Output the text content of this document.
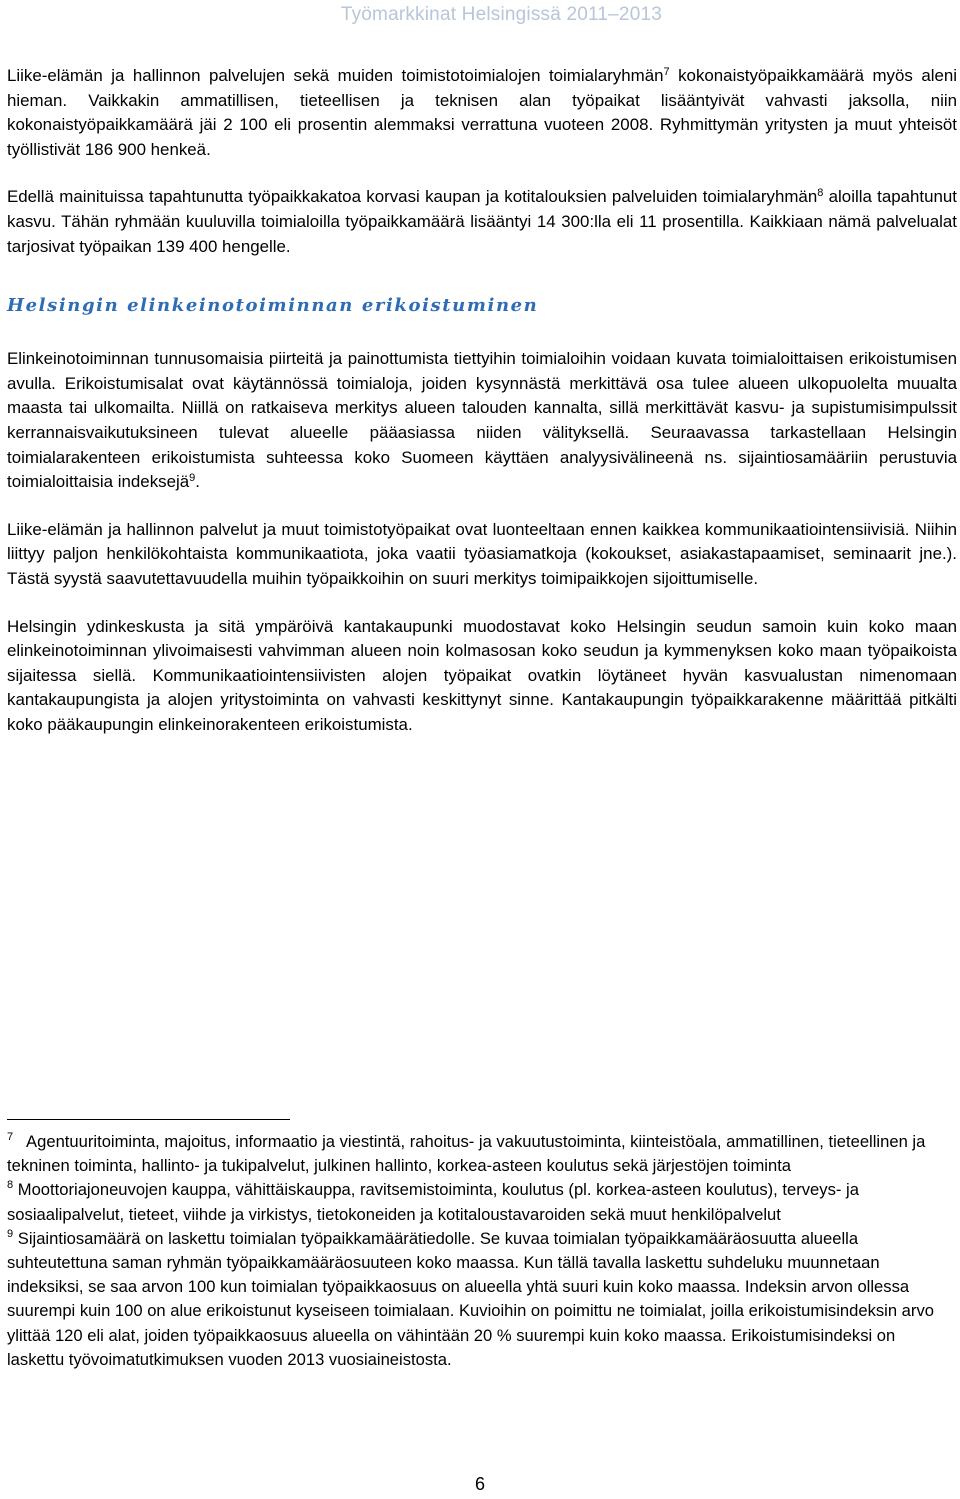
Työmarkkinat Helsingissä 2011–2013

Liike-elämän ja hallinnon palvelujen sekä muiden toimistotoimialojen toimialaryhmän$^7$ kokonaistyöpaikkamäärä myös aleni hieman. Vaikkakin ammatillisen, tieteellisen ja teknisen alan työpaikat lisääntyivät vahvasti jaksolla, niin kokonaistyöpaikkamäärä jäi 2 100 eli prosentin alemmaksi verrattuna vuoteen 2008. Ryhmittymän yritysten ja muut yhteisöt työllistivät 186 900 henkeä.

Edellä mainituissa tapahtunutta työpaikkakatoa korvasi kaupan ja kotitalouksien palveluiden toimialaryhmän$^8$ aloilla tapahtunut kasvu. Tähän ryhmään kuuluvilla toimialoilla työpaikkamäärä lisääntyi 14 300:lla eli 11 prosentilla. Kaikkiaan nämä palvelualat tarjosivat työpaikan 139 400 hengelle.

Helsingin elinkeinotoiminnan erikoistuminen

Elinkeinotoiminnan tunnusomaisia piirteitä ja painottumista tiettyihin toimialoihin voidaan kuvata toimialoittaisen erikoistumisen avulla. Erikoistumisalat ovat käytännössä toimialoja, joiden kysynnästä merkittävä osa tulee alueen ulkopuolelta muualta maasta tai ulkomailta. Niillä on ratkaiseva merkitys alueen talouden kannalta, sillä merkittävät kasvu- ja supistumisimpulssit kerrannaisvaikutuksineen tulevat alueelle pääasiassa niiden välityksellä. Seuraavassa tarkastellaan Helsingin toimialarakenteen erikoistumista suhteessa koko Suomeen käyttäen analyysivälineenä ns. sijaintiosamääriin perustuvia toimialoittaisia indeksejä$^9$.

Liike-elämän ja hallinnon palvelut ja muut toimistotyöpaikat ovat luonteeltaan ennen kaikkea kommunikaatiointensiivisiä. Niihin liittyy paljon henkilökohtaista kommunikaatiota, joka vaatii työasiamatkoja (kokoukset, asiakastapaamiset, seminaarit jne.). Tästä syystä saavutettavuudella muihin työpaikkoihin on suuri merkitys toimipaikkojen sijoittumiselle.

Helsingin ydinkeskusta ja sitä ympäröivä kantakaupunki muodostavat koko Helsingin seudun samoin kuin koko maan elinkeinotoiminnan ylivoimaisesti vahvimman alueen noin kolmasosan koko seudun ja kymmenyksen koko maan työpaikoista sijaitessa siellä. Kommunikaatiointensiivisten alojen työpaikat ovatkin löytäneet hyvän kasvualustan nimenomaan kantakaupungista ja alojen yritystoiminta on vahvasti keskittynyt sinne. Kantakaupungin työpaikkarakenne määrittää pitkälti koko pääkaupungin elinkeinorakenteen erikoistumista.

$^7$ Agentuuritoiminta, majoitus, informaatio ja viestintä, rahoitus- ja vakuutustoiminta, kiinteistöala, ammatillinen, tieteellinen ja tekninen toiminta, hallinto- ja tukipalvelut, julkinen hallinto, korkea-asteen koulutus sekä järjestöjen toiminta

$^8$ Moottoriajoneuvojen kauppa, vähittäiskauppa, ravitsemistoiminta, koulutus (pl. korkea-asteen koulutus), terveys- ja sosiaalipalvelut, tieteet, viihde ja virkistys, tietokoneiden ja kotitaloustavaroiden sekä muut henkilöpalvelut

$^9$ Sijaintiosamäärä on laskettu toimialan työpaikkamäärätiedolle. Se kuvaa toimialan työpaikkamääräosuutta alueella suhteutettuna saman ryhmän työpaikkamääräosuuteen koko maassa. Kun tällä tavalla laskettu suhdeluku muunnetaan indeksiksi, se saa arvon 100 kun toimialan työpaikkaosuus on alueella yhtä suuri kuin koko maassa. Indeksin arvon ollessa suurempi kuin 100 on alue erikoistunut kyseiseen toimialaan. Kuvioihin on poimittu ne toimialat, joilla erikoistumisindeksin arvo ylittää 120 eli alat, joiden työpaikkaosuus alueella on vähintään 20 % suurempi kuin koko maassa. Erikoistumisindeksi on laskettu työvoimatutkimuksen vuoden 2013 vuosiaineistosta.

6
